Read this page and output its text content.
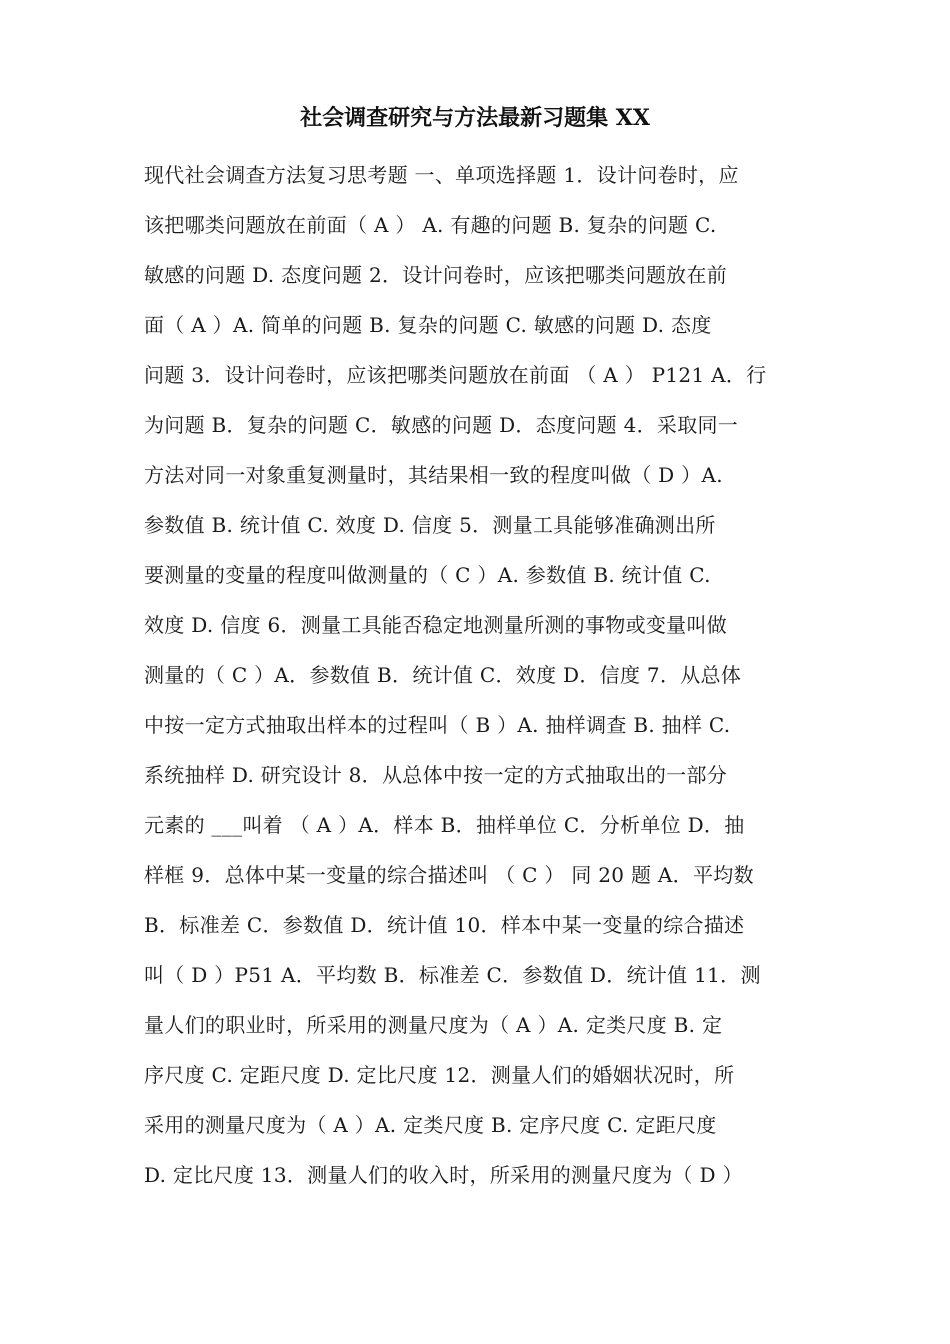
社会调查研究与方法最新习题集 XX
现代社会调查方法复习思考题 一、单项选择题 1．设计问卷时，应
该把哪类问题放在前面（ A ） A. 有趣的问题 B. 复杂的问题 C.
敏感的问题 D. 态度问题 2．设计问卷时，应该把哪类问题放在前
面（ A ）A. 简单的问题 B. 复杂的问题 C. 敏感的问题 D. 态度
问题 3．设计问卷时，应该把哪类问题放在前面 （ A ） P121 A．行
为问题 B．复杂的问题 C．敏感的问题 D．态度问题 4．采取同一
方法对同一对象重复测量时，其结果相一致的程度叫做（ D ）A.
参数值 B. 统计值 C. 效度 D. 信度 5．测量工具能够准确测出所
要测量的变量的程度叫做测量的（ C ）A. 参数值 B. 统计值 C.
效度 D. 信度 6．测量工具能否稳定地测量所测的事物或变量叫做
测量的（ C ）A．参数值 B．统计值 C．效度 D．信度 7．从总体
中按一定方式抽取出样本的过程叫（ B ）A. 抽样调查 B. 抽样 C.
系统抽样 D. 研究设计 8．从总体中按一定的方式抽取出的一部分
元素的 ___叫着 （ A ）A．样本 B．抽样单位 C．分析单位 D．抽
样框 9．总体中某一变量的综合描述叫 （ C ） 同 20 题 A．平均数
B．标准差 C．参数值 D．统计值 10．样本中某一变量的综合描述
叫（ D ）P51 A．平均数 B．标准差 C．参数值 D．统计值 11．测
量人们的职业时，所采用的测量尺度为（ A ）A. 定类尺度 B. 定
序尺度 C. 定距尺度 D. 定比尺度 12．测量人们的婚姻状况时，所
采用的测量尺度为（ A ）A. 定类尺度 B. 定序尺度 C. 定距尺度
D. 定比尺度 13．测量人们的收入时，所采用的测量尺度为（ D ）
